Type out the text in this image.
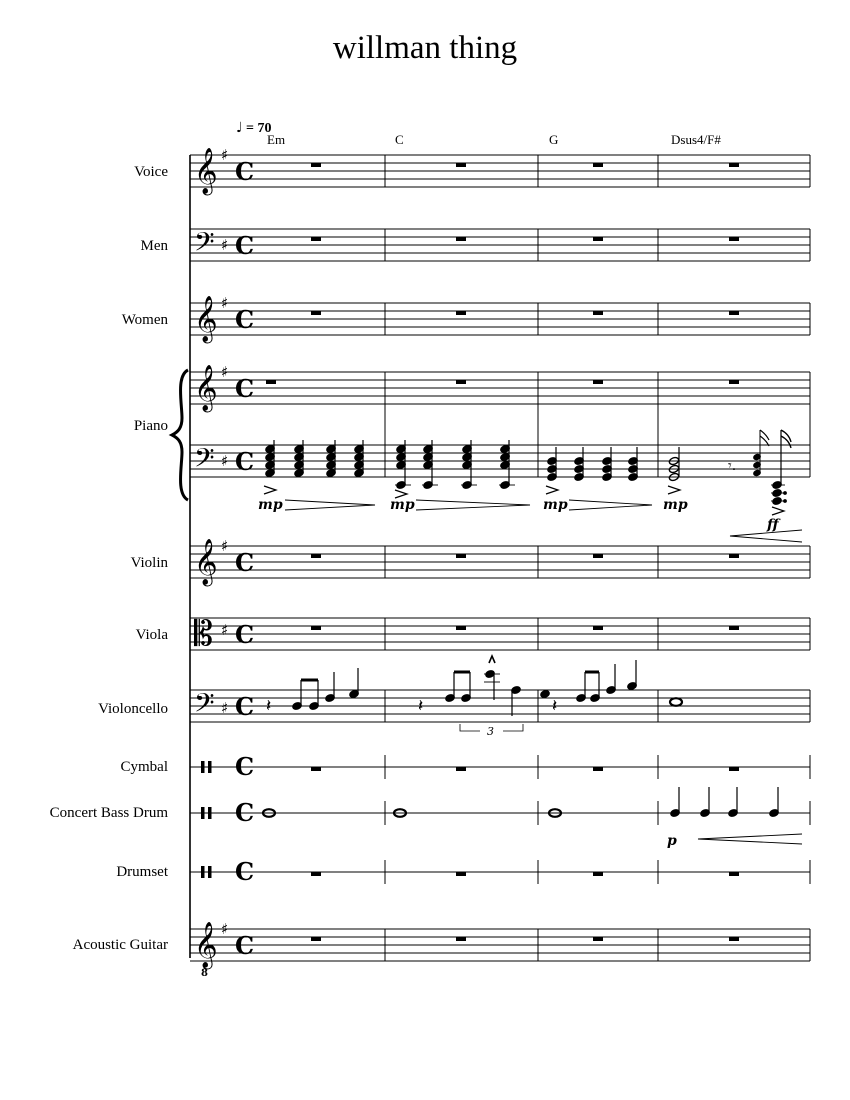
willman thing
♩ = 70
Em	C	G	Dsus4/F#
Voice
Men
Women
Piano
Violin
Viola
Violoncello
Cymbal
Concert Bass Drum
Drumset
Acoustic Guitar
𝄞
𝄢
𝄞
𝄞
𝄢
𝄞
𝄡
𝄢
𝄞
8
♯
♯
♯
♯
♯
♯
♯
♯
♯
C
C
C
C
C
C
C
C
C
C
C
C
𝄾.
mp	mp	mp	mp
ff
𝄽	𝄽	𝄽
3
p
